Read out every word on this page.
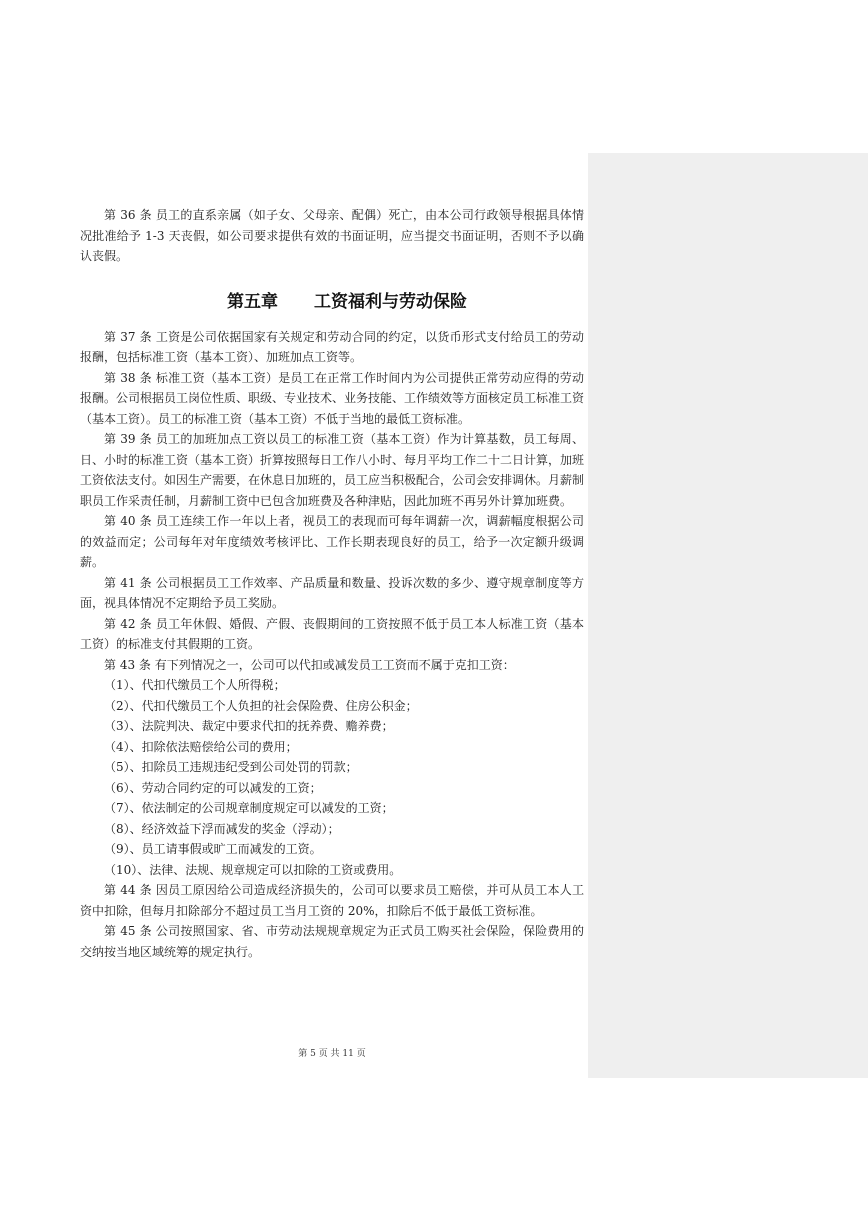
第 36 条 员工的直系亲属（如子女、父母亲、配偶）死亡，由本公司行政领导根据具体情况批准给予 1-3 天丧假，如公司要求提供有效的书面证明，应当提交书面证明，否则不予以确认丧假。

第五章 工资福利与劳动保险

第 37 条 工资是公司依据国家有关规定和劳动合同的约定，以货币形式支付给员工的劳动报酬，包括标准工资（基本工资）、加班加点工资等。

第 38 条 标准工资（基本工资）是员工在正常工作时间内为公司提供正常劳动应得的劳动报酬。公司根据员工岗位性质、职级、专业技术、业务技能、工作绩效等方面核定员工标准工资（基本工资）。员工的标准工资（基本工资）不低于当地的最低工资标准。

第 39 条 员工的加班加点工资以员工的标准工资（基本工资）作为计算基数，员工每周、日、小时的标准工资（基本工资）折算按照每日工作八小时、每月平均工作二十二日计算，加班工资依法支付。如因生产需要，在休息日加班的，员工应当积极配合，公司会安排调休。月薪制职员工作采责任制，月薪制工资中已包含加班费及各种津贴，因此加班不再另外计算加班费。

第 40 条 员工连续工作一年以上者，视员工的表现而可每年调薪一次，调薪幅度根据公司的效益而定；公司每年对年度绩效考核评比、工作长期表现良好的员工，给予一次定额升级调薪。

第 41 条 公司根据员工工作效率、产品质量和数量、投诉次数的多少、遵守规章制度等方面，视具体情况不定期给予员工奖励。

第 42 条 员工年休假、婚假、产假、丧假期间的工资按照不低于员工本人标准工资（基本工资）的标准支付其假期的工资。

第 43 条 有下列情况之一，公司可以代扣或减发员工工资而不属于克扣工资：

（1）、代扣代缴员工个人所得税；
（2）、代扣代缴员工个人负担的社会保险费、住房公积金；
（3）、法院判决、裁定中要求代扣的抚养费、赡养费；
（4）、扣除依法赔偿给公司的费用；
（5）、扣除员工违规违纪受到公司处罚的罚款；
（6）、劳动合同约定的可以减发的工资；
（7）、依法制定的公司规章制度规定可以减发的工资；
（8）、经济效益下浮而减发的奖金（浮动）；
（9）、员工请事假或旷工而减发的工资。
（10）、法律、法规、规章规定可以扣除的工资或费用。

第 44 条 因员工原因给公司造成经济损失的，公司可以要求员工赔偿，并可从员工本人工资中扣除，但每月扣除部分不超过员工当月工资的 20%，扣除后不低于最低工资标准。

第 45 条 公司按照国家、省、市劳动法规规章规定为正式员工购买社会保险，保险费用的交纳按当地区域统筹的规定执行。

第 5 页 共 11 页
